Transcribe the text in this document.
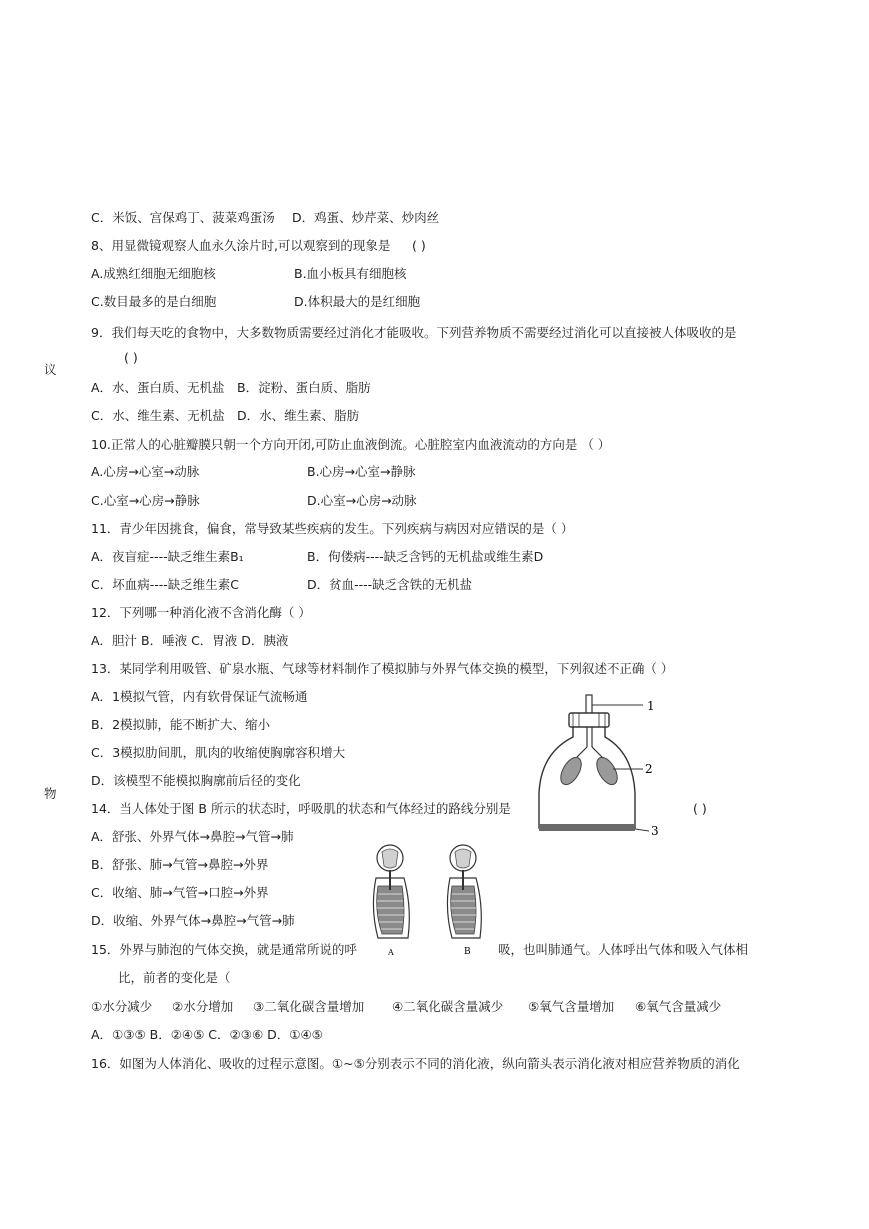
议
物
C．米饭、宫保鸡丁、菠菜鸡蛋汤 D．鸡蛋、炒芹菜、炒肉丝
8、用显微镜观察人血永久涂片时,可以观察到的现象是 ( )
A.成熟红细胞无细胞核	B.血小板具有细胞核
C.数目最多的是白细胞	D.体积最大的是红细胞
9．我们每天吃的食物中，大多数物质需要经过消化才能吸收。下列营养物质不需要经过消化可以直接被人体吸收的是
( )
A．水、蛋白质、无机盐 B．淀粉、蛋白质、脂肪
C．水、维生素、无机盐 D．水、维生素、脂肪
10.正常人的心脏瓣膜只朝一个方向开闭,可防止血液倒流。心脏腔室内血液流动的方向是 （ ）
A.心房→心室→动脉	B.心房→心室→静脉
C.心室→心房→静脉	D.心室→心房→动脉
11．青少年因挑食，偏食，常导致某些疾病的发生。下列疾病与病因对应错误的是（ ）
A．夜盲症----缺乏维生素B₁	B．佝偻病----缺乏含钙的无机盐或维生素D
C．坏血病----缺乏维生素C	D．贫血----缺乏含铁的无机盐
12．下列哪一种消化液不含消化酶（ ）
A．胆汁 B．唾液 C．胃液 D．胰液
13．某同学利用吸管、矿泉水瓶、气球等材料制作了模拟肺与外界气体交换的模型，下列叙述不正确（ ）
A．1模拟气管，内有软骨保证气流畅通
B．2模拟肺，能不断扩大、缩小
C．3模拟肋间肌，肌肉的收缩使胸廓容积增大
D．该模型不能模拟胸廓前后径的变化
14．当人体处于图 B 所示的状态时，呼吸肌的状态和气体经过的路线分别是	( )
A．舒张、外界气体→鼻腔→气管→肺
B．舒张、肺→气管→鼻腔→外界
C．收缩、肺→气管→口腔→外界
D．收缩、外界气体→鼻腔→气管→肺
15．外界与肺泡的气体交换，就是通常所说的呼	吸，也叫肺通气。人体呼出气体和吸入气体相
比，前者的变化是（
①水分减少 ②水分增加 ③二氧化碳含量增加 ④二氧化碳含量减少 ⑤氧气含量增加 ⑥氧气含量减少
A．①③⑤ B．②④⑤ C．②③⑥ D．①④⑤
16．如图为人体消化、吸收的过程示意图。①~⑤分别表示不同的消化液，纵向箭头表示消化液对相应营养物质的消化
1
2
3
A	B
